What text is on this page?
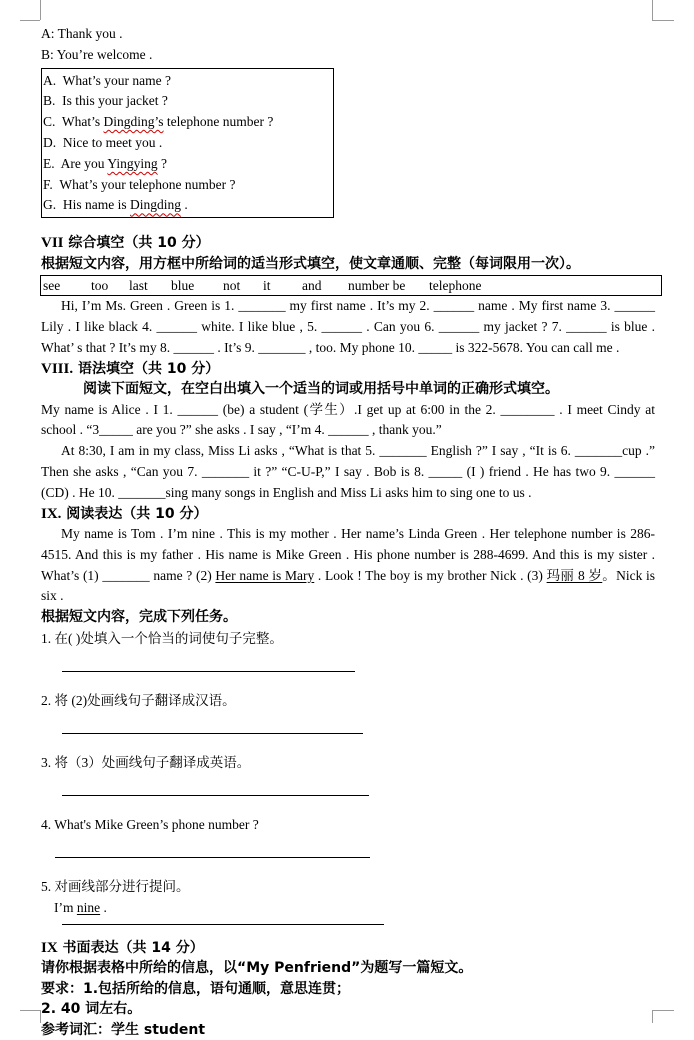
A: Thank you .
B: You’re welcome .
A. What’s your name ?
B. Is this your jacket ?
C. What’s Dingding’s telephone number ?
D. Nice to meet you .
E. Are you Yingying ?
F. What’s your telephone number ?
G. His name is Dingding .
VII 综合填空（共 10 分）
根据短文内容，用方框中所给词的适当形式填空，使文章通顺、完整（每词限用一次）。
see too last blue not it and number be telephone

Hi, I’m Ms. Green . Green is 1. _______ my first name . It’s my 2. ______ name . My first name 3. ______ Lily . I like black 4. ______ white. I like blue , 5. ______ . Can you 6. ______ my jacket ? 7. ______ is blue . What’ s that ? It’s my 8. ______ . It’s 9. _______ , too. My phone 10. _____ is 322-5678. You can call me .

VIII. 语法填空（共 10 分）
阅读下面短文，在空白出填入一个适当的词或用括号中单词的正确形式填空。

My name is Alice . I 1. ______ (be) a student (学生）.I get up at 6:00 in the 2. ________ . I meet Cindy at school . “3_____ are you ?” she asks . I say , “I’m 4. ______ , thank you.”

At 8:30, I am in my class, Miss Li asks , “What is that 5. _______ English ?” I say , “It is 6. _______cup .” Then she asks , “Can you 7. _______ it ?” “C-U-P,” I say . Bob is 8. _____ (I ) friend . He has two 9. ______ (CD) . He 10. _______sing many songs in English and Miss Li asks him to sing one to us .

IX. 阅读表达（共 10 分）

My name is Tom . I’m nine . This is my mother . Her name’s Linda Green . Her telephone number is 286-4515. And this is my father . His name is Mike Green . His phone number is 288-4699. And this is my sister . What’s (1) _______ name ? (2) Her name is Mary . Look ! The boy is my brother Nick . (3) 玛丽 8 岁。Nick is six .

根据短文内容，完成下列任务。
1. 在( )处填入一个恰当的词使句子完整。
2. 将 (2)处画线句子翻译成汉语。
3. 将（3）处画线句子翻译成英语。
4. What's Mike Green’s phone number ?
5. 对画线部分进行提问。
I’m nine .
IX 书面表达（共 14 分）
请你根据表格中所给的信息，以“My Penfriend”为题写一篇短文。
要求：1.包括所给的信息，语句通顺，意思连贯；
2. 40 词左右。
参考词汇：学生 student
